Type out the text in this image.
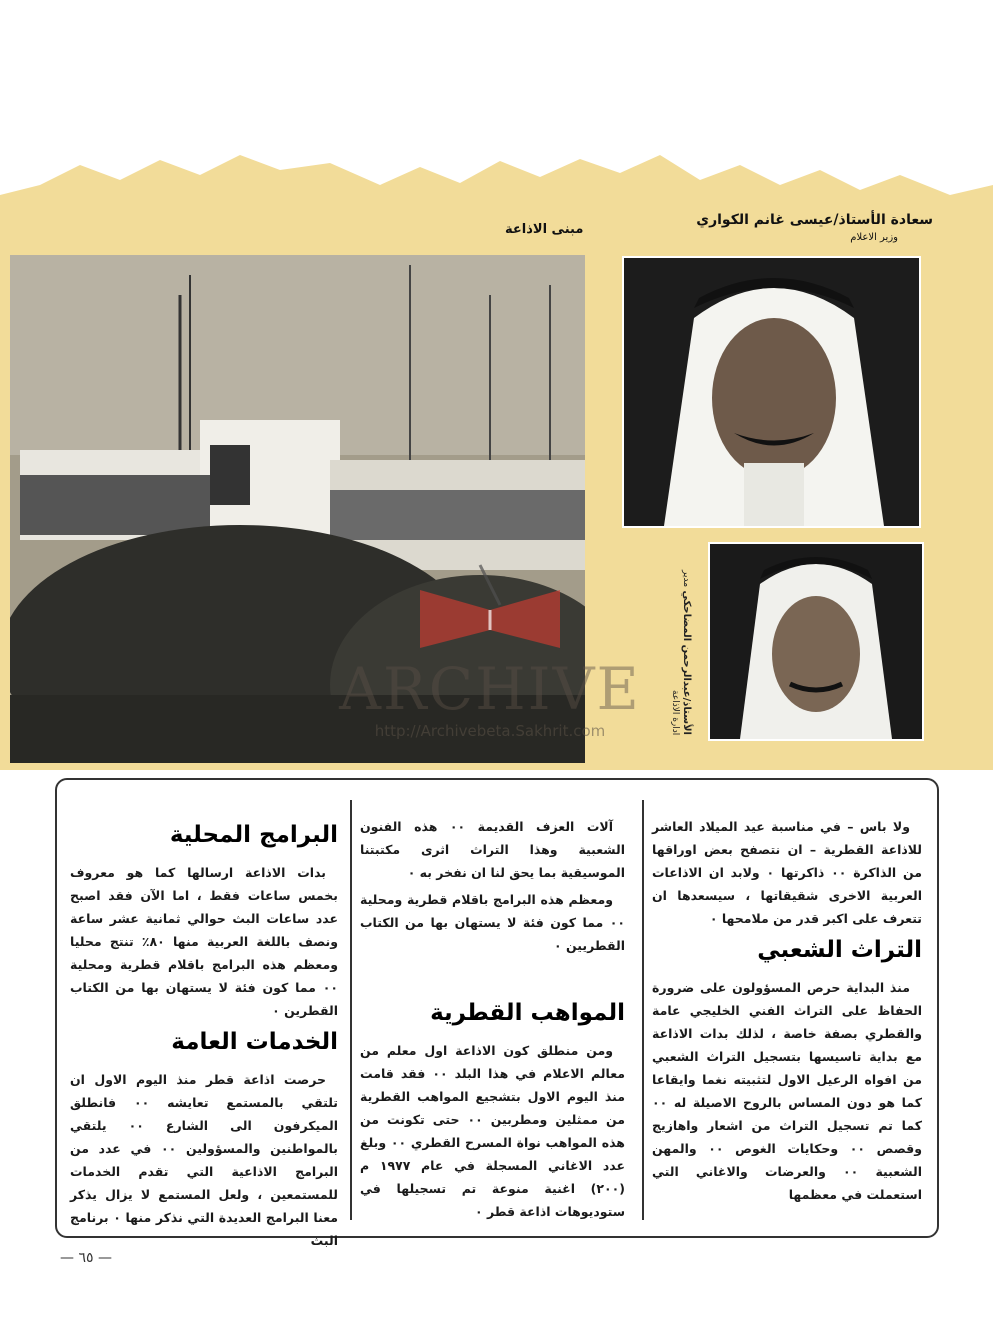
سعادة الأستاذ/عيسى غانم الكواري
وزير الاعلام
مبنى الاذاعة
الأستاذ/عبدالرحمن المضاحكي مدير ادارة الاذاعة
ARCHIVE
http://Archivebeta.Sakhrit.com

ولا باس – في مناسبة عيد الميلاد العاشر للاذاعة القطرية – ان نتصفح بعض اوراقها من الذاكرة ٠٠ ذاكرتها ٠ ولابد ان الاذاعات العربية الاخرى شقيقاتها ، سيسعدها ان تتعرف على اكبر قدر من ملامحها ٠

التراث الشعبي

منذ البداية حرص المسؤولون على ضرورة الحفاظ على التراث الفني الخليجي عامة والقطري بصفة خاصة ، لذلك بدات الاذاعة مع بداية تاسيسها بتسجيل التراث الشعبي من افواه الرعيل الاول لتثبيته نغما وايقاعا كما هو دون المساس بالروح الاصيلة له ٠٠ كما تم تسجيل التراث من اشعار واهازيج وقصص ٠٠ وحكايات الغوص ٠٠ والمهن الشعبية ٠٠ والعرضات والاغاني التي استعملت في معظمها

آلات العزف القديمة ٠٠ هذه الفنون الشعبية وهذا التراث اثرى مكتبتنا الموسيقية بما يحق لنا ان نفخر به ٠

ومعظم هذه البرامج باقلام قطرية ومحلية ٠٠ مما كون فئة لا يستهان بها من الكتاب القطريين ٠

المواهب القطرية

ومن منطلق كون الاذاعة اول معلم من معالم الاعلام في هذا البلد ٠٠ فقد قامت منذ اليوم الاول بتشجيع المواهب القطرية من ممثلين ومطربين ٠٠ حتى تكونت من هذه المواهب نواة المسرح القطري ٠٠ وبلغ عدد الاغاني المسجلة في عام ١٩٧٧ م (٢٠٠) اغنية منوعة تم تسجيلها في ستوديوهات اذاعة قطر ٠

البرامج المحلية

بدات الاذاعة ارسالها كما هو معروف بخمس ساعات فقط ، اما الآن فقد اصبح عدد ساعات البث حوالي ثمانية عشر ساعة ونصف باللغة العربية منها ٨٠٪ تنتج محليا ومعظم هذه البرامج باقلام قطرية ومحلية ٠٠ مما كون فئة لا يستهان بها من الكتاب القطرين ٠

الخدمات العامة

حرصت اذاعة قطر منذ اليوم الاول ان تلتقي بالمستمع تعايشه ٠٠ فانطلق الميكرفون الى الشارع ٠٠ يلتقي بالمواطنين والمسؤولين ٠٠ في عدد من البرامج الاذاعية التي تقدم الخدمات للمستمعين ، ولعل المستمع لا يزال يذكر معنا البرامج العديدة التي نذكر منها ٠ برنامج البث

— ٦٥ —
